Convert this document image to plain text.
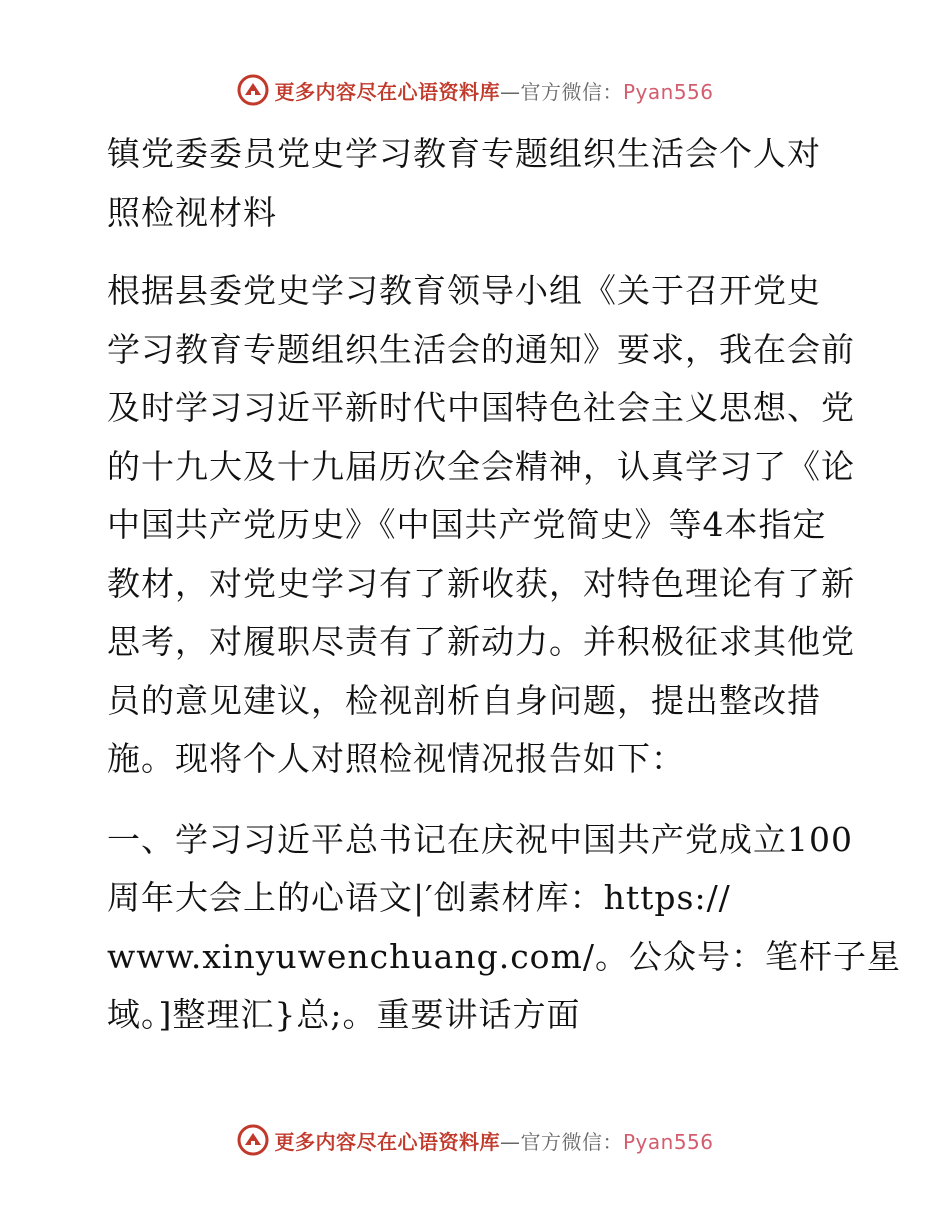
更多内容尽在心语资料库—官方微信：Pyan556
镇党委委员党史学习教育专题组织生活会个人对
照检视材料
根据县委党史学习教育领导小组《关于召开党史
学习教育专题组织生活会的通知》要求，我在会前
及时学习习近平新时代中国特色社会主义思想、党
的十九大及十九届历次全会精神，认真学习了《论
中国共产党历史》《中国共产党简史》等4本指定
教材，对党史学习有了新收获，对特色理论有了新
思考，对履职尽责有了新动力。并积极征求其他党
员的意见建议，检视剖析自身问题，提出整改措
施。现将个人对照检视情况报告如下：
一、学习习近平总书记在庆祝中国共产党成立100
周年大会上的心语文|′创素材库：https://
www.xinyuwenchuang.com/。公众号：笔杆子星
域。]整理汇}总;。重要讲话方面
更多内容尽在心语资料库—官方微信：Pyan556
